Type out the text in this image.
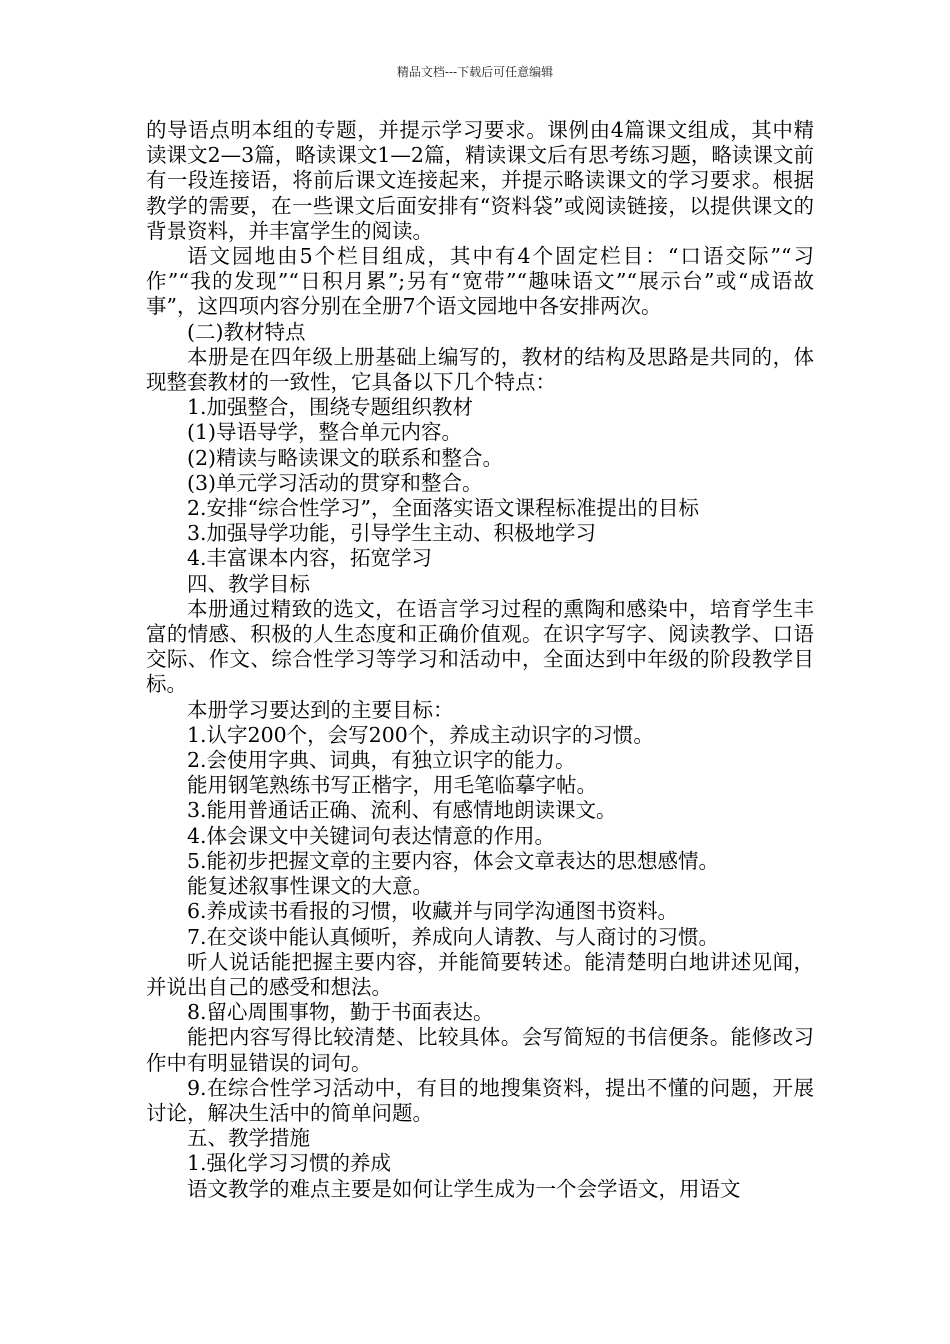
精品文档---下载后可任意编辑

的导语点明本组的专题，并提示学习要求。课例由4篇课文组成，其中精读课文2—3篇，略读课文1—2篇，精读课文后有思考练习题，略读课文前有一段连接语，将前后课文连接起来，并提示略读课文的学习要求。根据教学的需要，在一些课文后面安排有“资料袋”或阅读链接，以提供课文的背景资料，并丰富学生的阅读。

语文园地由5个栏目组成，其中有4个固定栏目：“口语交际”“习作”“我的发现”“日积月累”;另有“宽带”“趣味语文”“展示台”或“成语故事”，这四项内容分别在全册7个语文园地中各安排两次。

(二)教材特点

本册是在四年级上册基础上编写的，教材的结构及思路是共同的，体现整套教材的一致性，它具备以下几个特点：

1.加强整合，围绕专题组织教材

(1)导语导学，整合单元内容。

(2)精读与略读课文的联系和整合。

(3)单元学习活动的贯穿和整合。

2.安排“综合性学习”，全面落实语文课程标准提出的目标

3.加强导学功能，引导学生主动、积极地学习

4.丰富课本内容，拓宽学习

四、教学目标

本册通过精致的选文，在语言学习过程的熏陶和感染中，培育学生丰富的情感、积极的人生态度和正确价值观。在识字写字、阅读教学、口语交际、作文、综合性学习等学习和活动中，全面达到中年级的阶段教学目标。

本册学习要达到的主要目标：

1.认字200个，会写200个，养成主动识字的习惯。

2.会使用字典、词典，有独立识字的能力。

能用钢笔熟练书写正楷字，用毛笔临摹字帖。

3.能用普通话正确、流利、有感情地朗读课文。

4.体会课文中关键词句表达情意的作用。

5.能初步把握文章的主要内容，体会文章表达的思想感情。

能复述叙事性课文的大意。

6.养成读书看报的习惯，收藏并与同学沟通图书资料。

7.在交谈中能认真倾听，养成向人请教、与人商讨的习惯。

听人说话能把握主要内容，并能简要转述。能清楚明白地讲述见闻，并说出自己的感受和想法。

8.留心周围事物，勤于书面表达。

能把内容写得比较清楚、比较具体。会写简短的书信便条。能修改习作中有明显错误的词句。

9.在综合性学习活动中，有目的地搜集资料，提出不懂的问题，开展讨论，解决生活中的简单问题。

五、教学措施

1.强化学习习惯的养成

语文教学的难点主要是如何让学生成为一个会学语文，用语文
